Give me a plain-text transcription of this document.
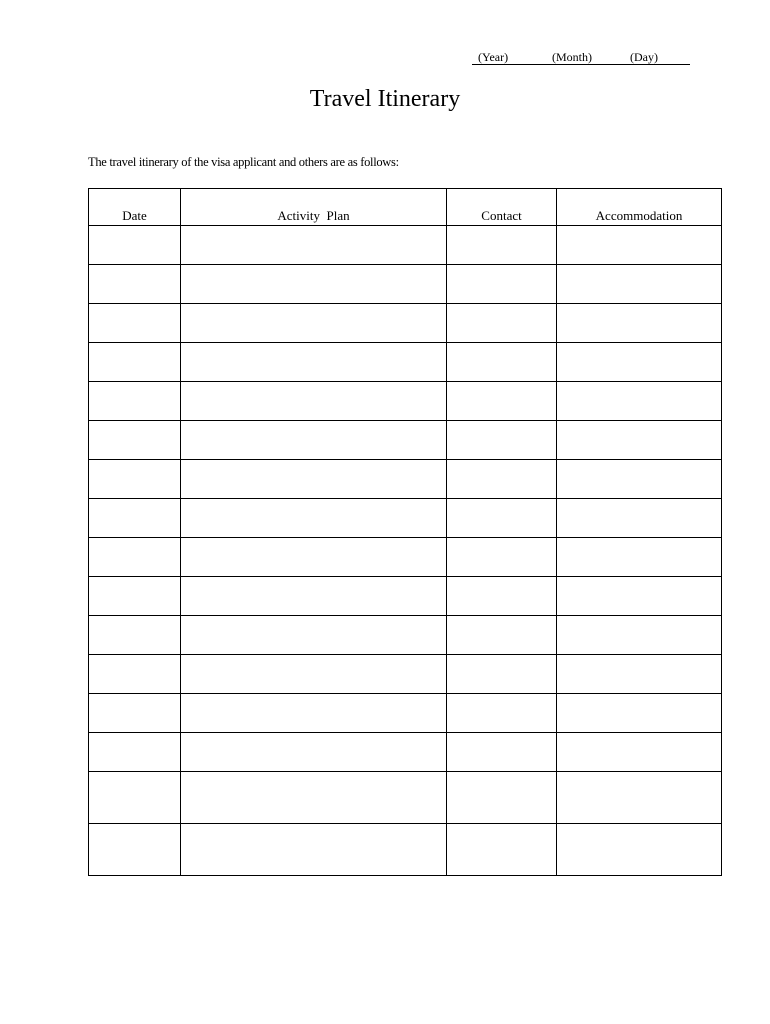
(Year)	(Month)	(Day)
Travel Itinerary
The travel itinerary of the visa applicant and others are as follows:
Date	Activity  Plan	Contact	Accommodation
